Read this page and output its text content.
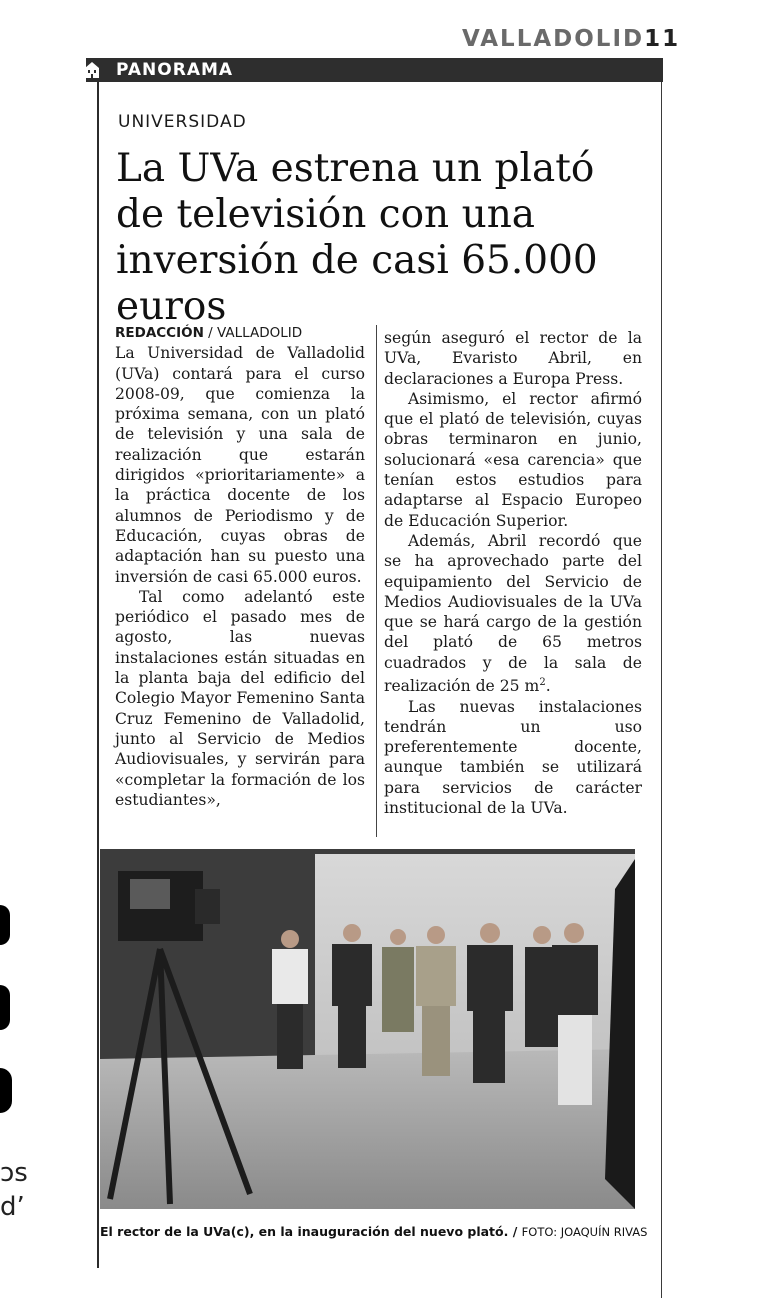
VALLADOLID11
PANORAMA
UNIVERSIDAD
La UVa estrena un plató de televisión con una inversión de casi 65.000 euros
REDACCIÓN / VALLADOLID

La Universidad de Valladolid (UVa) contará para el curso 2008-09, que comienza la próxima semana, con un plató de televisión y una sala de realización que estarán dirigidos «prioritariamente» a la práctica docente de los alumnos de Periodismo y de Educación, cuyas obras de adaptación han su puesto una inversión de casi 65.000 euros.

Tal como adelantó este periódico el pasado mes de agosto, las nuevas instalaciones están situadas en la planta baja del edificio del Colegio Mayor Femenino Santa Cruz Femenino de Valladolid, junto al Servicio de Medios Audiovisuales, y servirán para «completar la formación de los estudiantes»,

según aseguró el rector de la UVa, Evaristo Abril, en declaraciones a Europa Press.

Asimismo, el rector afirmó que el plató de televisión, cuyas obras terminaron en junio, solucionará «esa carencia» que tenían estos estudios para adaptarse al Espacio Europeo de Educación Superior.

Además, Abril recordó que se ha aprovechado parte del equipamiento del Servicio de Medios Audiovisuales de la UVa que se hará cargo de la gestión del plató de 65 metros cuadrados y de la sala de realización de 25 $m^2$.

Las nuevas instalaciones tendrán un uso preferentemente docente, aunque también se utilizará para servicios de carácter institucional de la UVa.

El rector de la UVa(c), en la inauguración del nuevo plató. / FOTO: JOAQUÍN RIVAS
ɔs
d’
